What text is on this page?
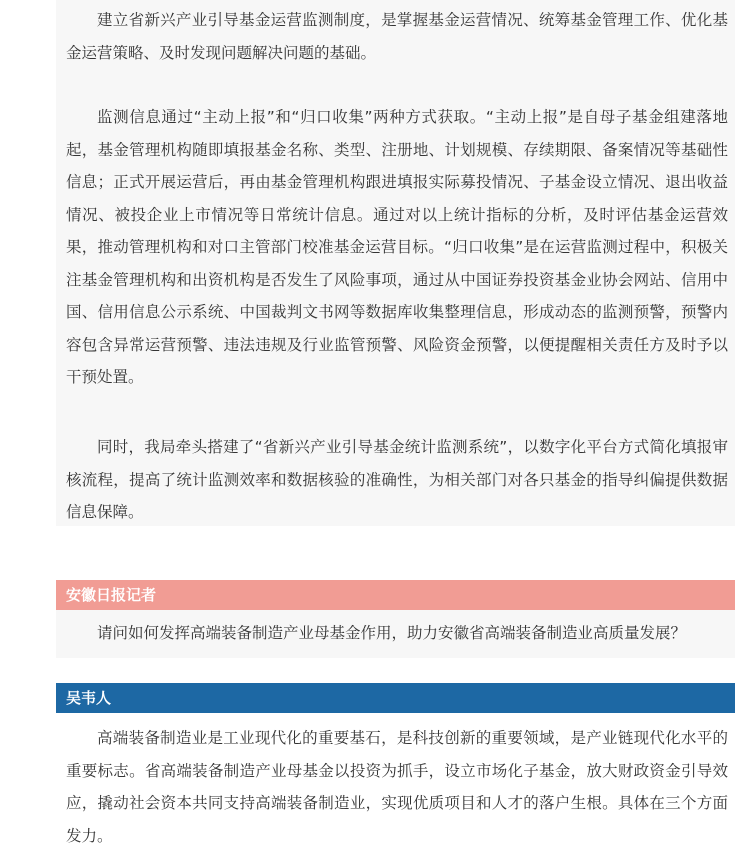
建立省新兴产业引导基金运营监测制度，是掌握基金运营情况、统筹基金管理工作、优化基金运营策略、及时发现问题解决问题的基础。

监测信息通过“主动上报”和“归口收集”两种方式获取。“主动上报”是自母子基金组建落地起，基金管理机构随即填报基金名称、类型、注册地、计划规模、存续期限、备案情况等基础性信息；正式开展运营后，再由基金管理机构跟进填报实际募投情况、子基金设立情况、退出收益情况、被投企业上市情况等日常统计信息。通过对以上统计指标的分析，及时评估基金运营效果，推动管理机构和对口主管部门校准基金运营目标。“归口收集”是在运营监测过程中，积极关注基金管理机构和出资机构是否发生了风险事项，通过从中国证券投资基金业协会网站、信用中国、信用信息公示系统、中国裁判文书网等数据库收集整理信息，形成动态的监测预警，预警内容包含异常运营预警、违法违规及行业监管预警、风险资金预警，以便提醒相关责任方及时予以干预处置。

同时，我局牵头搭建了“省新兴产业引导基金统计监测系统”，以数字化平台方式简化填报审核流程，提高了统计监测效率和数据核验的准确性，为相关部门对各只基金的指导纠偏提供数据信息保障。

安徽日报记者

请问如何发挥高端装备制造产业母基金作用，助力安徽省高端装备制造业高质量发展？

吴韦人

高端装备制造业是工业现代化的重要基石，是科技创新的重要领域，是产业链现代化水平的重要标志。省高端装备制造产业母基金以投资为抓手，设立市场化子基金，放大财政资金引导效应，撬动社会资本共同支持高端装备制造业，实现优质项目和人才的落户生根。具体在三个方面发力。
